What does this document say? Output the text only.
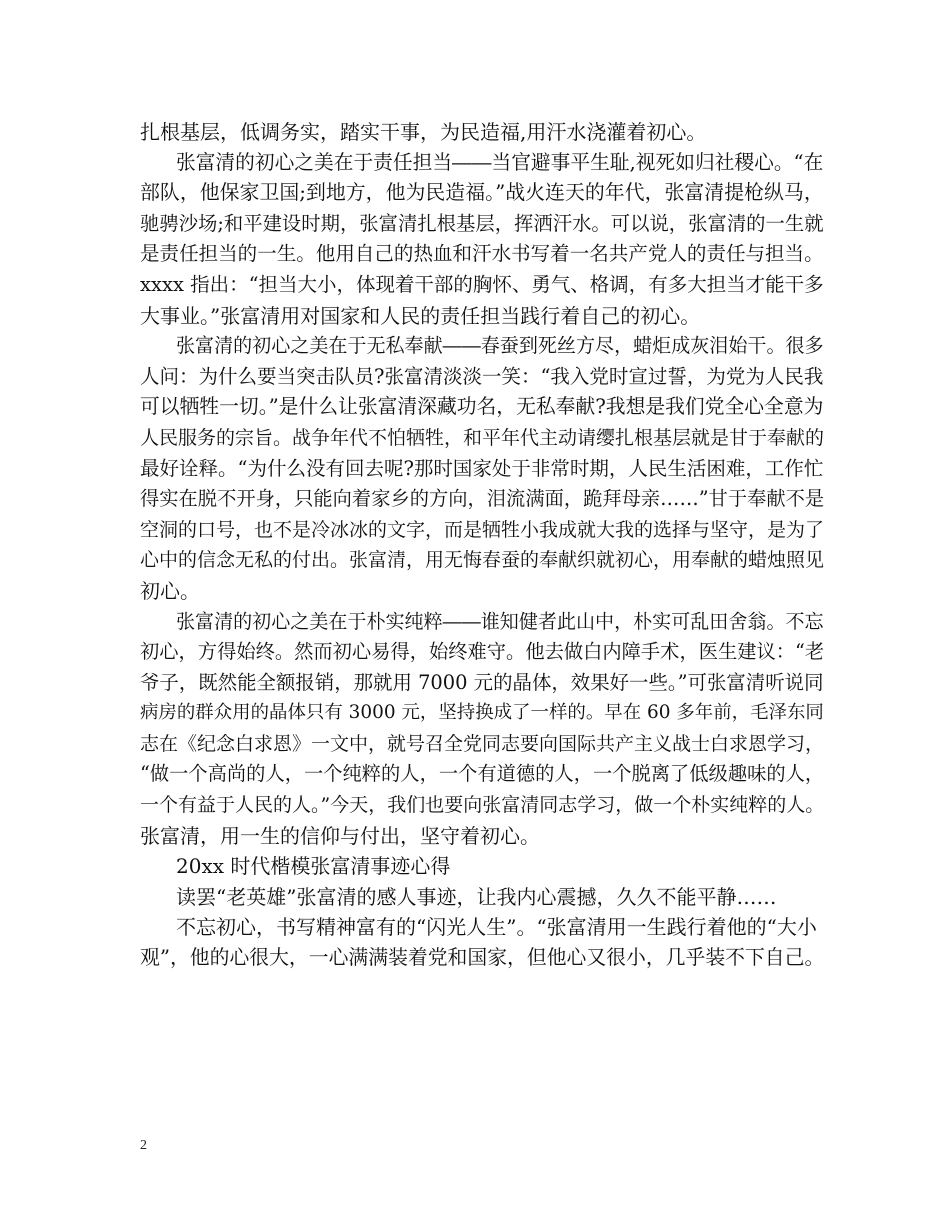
扎根基层，低调务实，踏实干事，为民造福,用汗水浇灌着初心。
张富清的初心之美在于责任担当――当官避事平生耻,视死如归社稷心。“在
部队，他保家卫国;到地方，他为民造福。”战火连天的年代，张富清提枪纵马，
驰骋沙场;和平建设时期，张富清扎根基层，挥洒汗水。可以说，张富清的一生就
是责任担当的一生。他用自己的热血和汗水书写着一名共产党人的责任与担当。
xxxx 指出：“担当大小，体现着干部的胸怀、勇气、格调，有多大担当才能干多
大事业。”张富清用对国家和人民的责任担当践行着自己的初心。
张富清的初心之美在于无私奉献――春蚕到死丝方尽，蜡炬成灰泪始干。很多
人问：为什么要当突击队员?张富清淡淡一笑：“我入党时宣过誓，为党为人民我
可以牺牲一切。”是什么让张富清深藏功名，无私奉献?我想是我们党全心全意为
人民服务的宗旨。战争年代不怕牺牲，和平年代主动请缨扎根基层就是甘于奉献的
最好诠释。“为什么没有回去呢?那时国家处于非常时期，人民生活困难，工作忙
得实在脱不开身，只能向着家乡的方向，泪流满面，跪拜母亲……”甘于奉献不是
空洞的口号，也不是冷冰冰的文字，而是牺牲小我成就大我的选择与坚守，是为了
心中的信念无私的付出。张富清，用无悔春蚕的奉献织就初心，用奉献的蜡烛照见
初心。
张富清的初心之美在于朴实纯粹――谁知健者此山中，朴实可乱田舍翁。不忘
初心，方得始终。然而初心易得，始终难守。他去做白内障手术，医生建议：“老
爷子，既然能全额报销，那就用 7000 元的晶体，效果好一些。”可张富清听说同
病房的群众用的晶体只有 3000 元，坚持换成了一样的。早在 60 多年前，毛泽东同
志在《纪念白求恩》一文中，就号召全党同志要向国际共产主义战士白求恩学习，
“做一个高尚的人，一个纯粹的人，一个有道德的人，一个脱离了低级趣味的人，
一个有益于人民的人。”今天，我们也要向张富清同志学习，做一个朴实纯粹的人。
张富清，用一生的信仰与付出，坚守着初心。
20xx 时代楷模张富清事迹心得
读罢“老英雄”张富清的感人事迹，让我内心震撼，久久不能平静……
不忘初心，书写精神富有的“闪光人生”。“张富清用一生践行着他的“大小
观”，他的心很大，一心满满装着党和国家，但他心又很小，几乎装不下自己。
2
